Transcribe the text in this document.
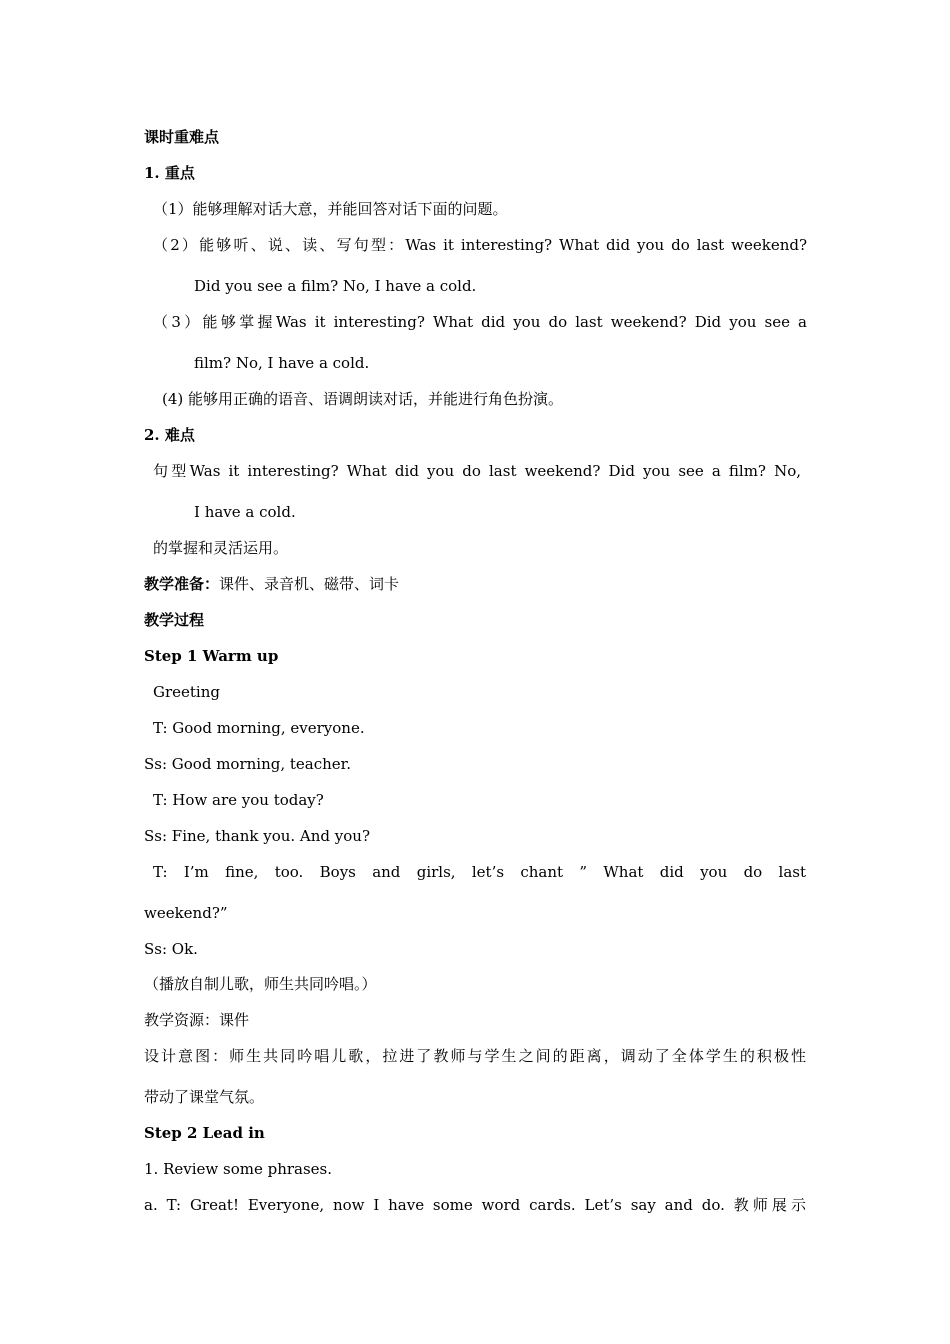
课时重难点
1. 重点
（1）能够理解对话大意，并能回答对话下面的问题。
（2）能够听、说、读、写句型：Was it interesting? What did you do last weekend?
Did you see a film? No, I have a cold.
（3）能够掌握Was it interesting? What did you do last weekend? Did you see a
film? No, I have a cold.
(4) 能够用正确的语音、语调朗读对话，并能进行角色扮演。
2. 难点
句型Was it interesting? What did you do last weekend? Did you see a film? No,
I have a cold.
的掌握和灵活运用。
教学准备：课件、录音机、磁带、词卡
教学过程
Step 1 Warm up
Greeting
T: Good morning, everyone.
Ss: Good morning, teacher.
T: How are you today?
Ss: Fine, thank you. And you?
T: I’m fine, too. Boys and girls, let’s chant ” What did you do last
weekend?”
Ss: Ok.
（播放自制儿歌，师生共同吟唱。）
教学资源：课件
设计意图：师生共同吟唱儿歌，拉进了教师与学生之间的距离，调动了全体学生的积极性
带动了课堂气氛。
Step 2 Lead in
1. Review some phrases.
a. T: Great! Everyone, now I have some word cards. Let’s say and do. 教师展示
